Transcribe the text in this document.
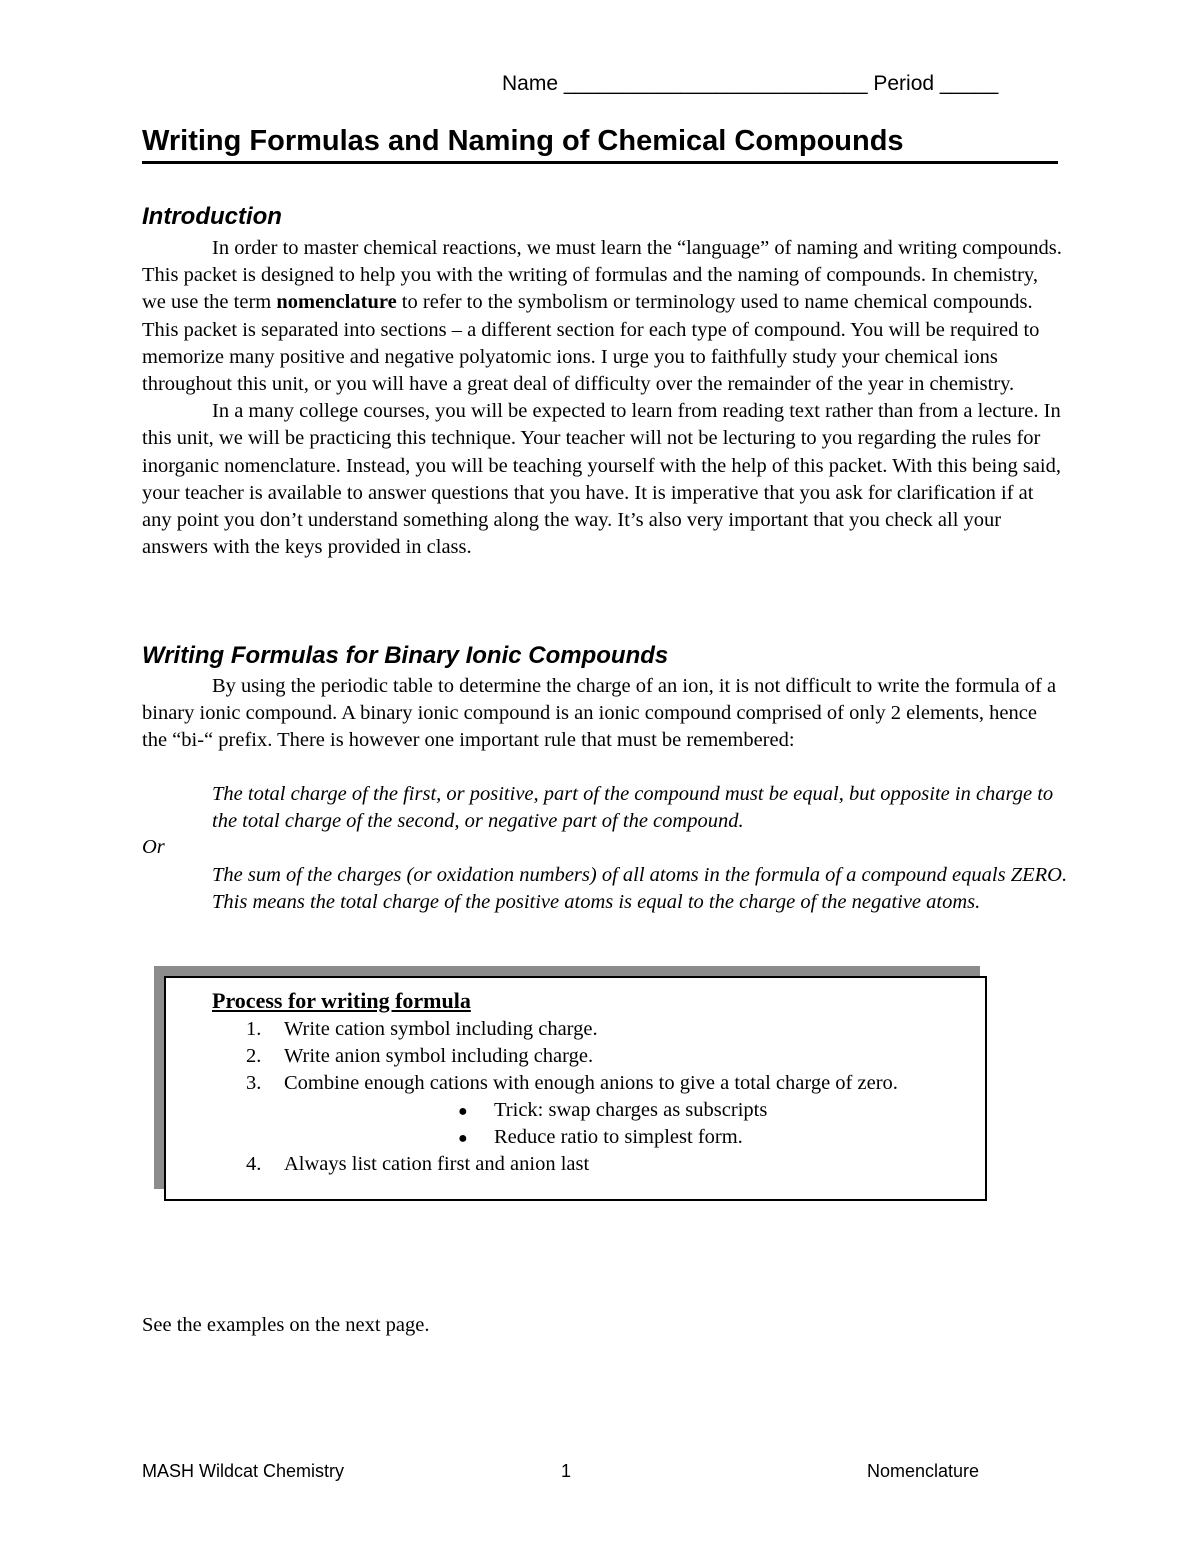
Name __________________________ Period _____
Writing Formulas and Naming of Chemical Compounds
Introduction

In order to master chemical reactions, we must learn the “language” of naming and writing compounds. This packet is designed to help you with the writing of formulas and the naming of compounds. In chemistry, we use the term nomenclature to refer to the symbolism or terminology used to name chemical compounds. This packet is separated into sections – a different section for each type of compound. You will be required to memorize many positive and negative polyatomic ions. I urge you to faithfully study your chemical ions throughout this unit, or you will have a great deal of difficulty over the remainder of the year in chemistry.

In a many college courses, you will be expected to learn from reading text rather than from a lecture. In this unit, we will be practicing this technique. Your teacher will not be lecturing to you regarding the rules for inorganic nomenclature. Instead, you will be teaching yourself with the help of this packet. With this being said, your teacher is available to answer questions that you have. It is imperative that you ask for clarification if at any point you don’t understand something along the way. It’s also very important that you check all your answers with the keys provided in class.

Writing Formulas for Binary Ionic Compounds

By using the periodic table to determine the charge of an ion, it is not difficult to write the formula of a binary ionic compound. A binary ionic compound is an ionic compound comprised of only 2 elements, hence the “bi-“ prefix. There is however one important rule that must be remembered:

The total charge of the first, or positive, part of the compound must be equal, but opposite in charge to the total charge of the second, or negative part of the compound.
Or
The sum of the charges (or oxidation numbers) of all atoms in the formula of a compound equals ZERO. This means the total charge of the positive atoms is equal to the charge of the negative atoms.
Process for writing formula
1. Write cation symbol including charge.
2. Write anion symbol including charge.
3. Combine enough cations with enough anions to give a total charge of zero.
● Trick: swap charges as subscripts
● Reduce ratio to simplest form.
4. Always list cation first and anion last
See the examples on the next page.
MASH Wildcat Chemistry	1	Nomenclature
